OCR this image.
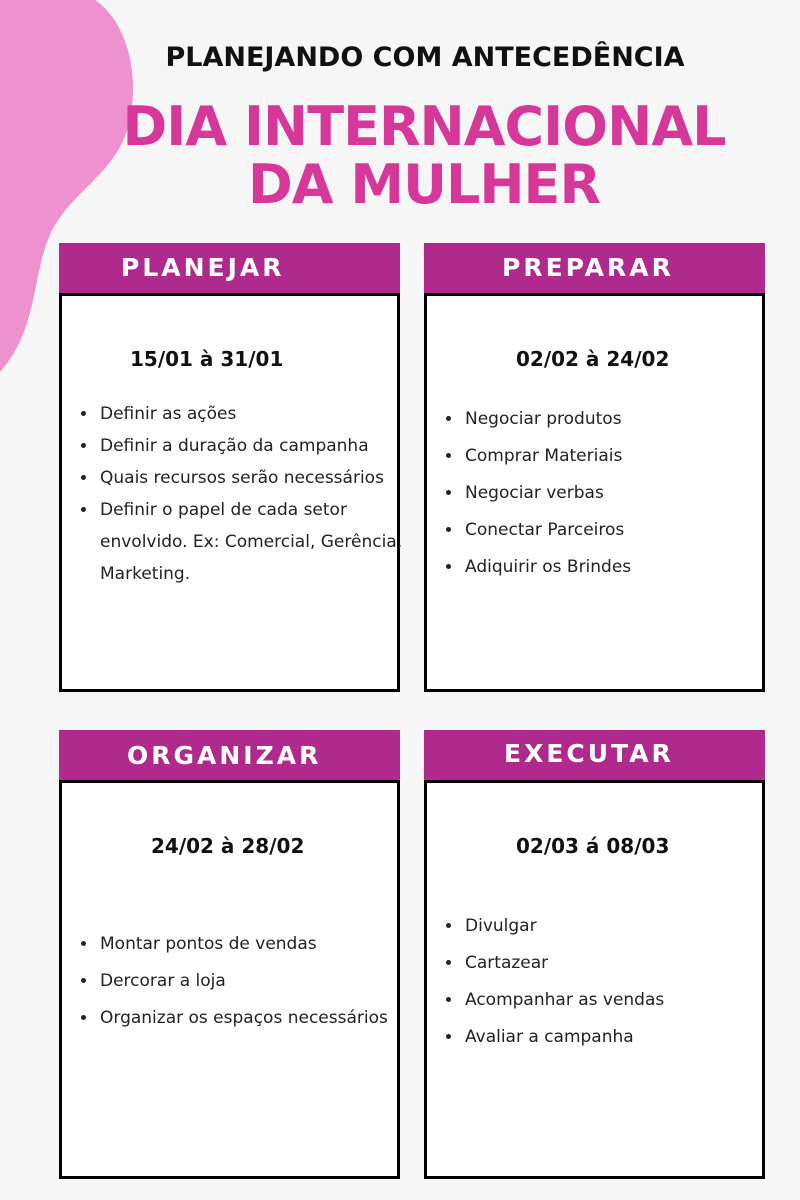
PLANEJANDO COM ANTECEDÊNCIA
DIA INTERNACIONAL
DA MULHER
PLANEJAR
15/01 à 31/01
• Definir as ações
• Definir a duração da campanha
• Quais recursos serão necessários
• Definir o papel de cada setor envolvido. Ex: Comercial, Gerência, Marketing.
PREPARAR
02/02 à 24/02
• Negociar produtos
• Comprar Materiais
• Negociar verbas
• Conectar Parceiros
• Adiquirir os Brindes
ORGANIZAR
24/02 à 28/02
• Montar pontos de vendas
• Dercorar a loja
• Organizar os espaços necessários
EXECUTAR
02/03 á 08/03
• Divulgar
• Cartazear
• Acompanhar as vendas
• Avaliar a campanha
